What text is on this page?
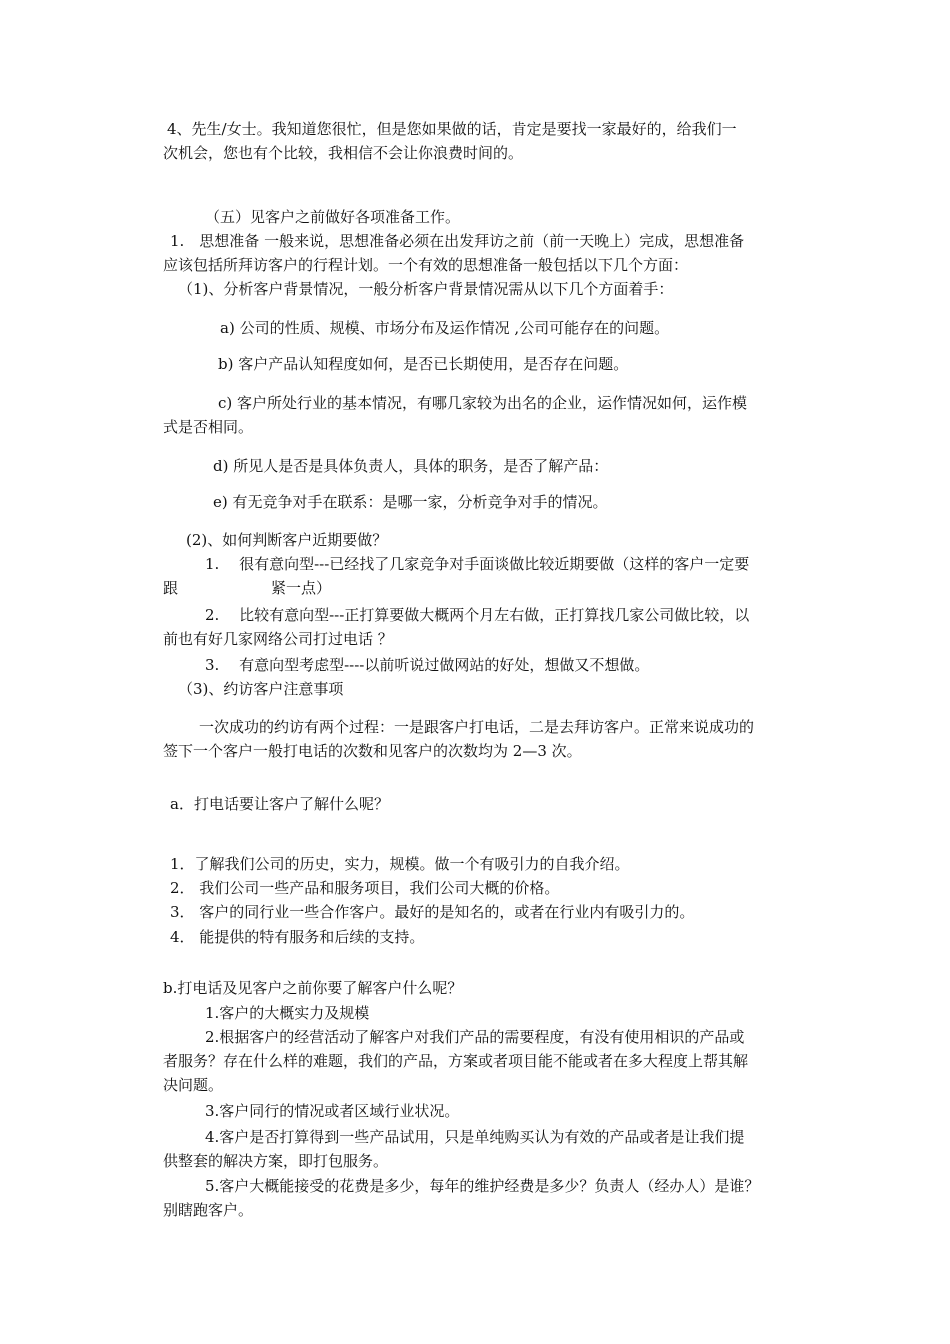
4、先生/女士。我知道您很忙，但是您如果做的话，肯定是要找一家最好的，给我们一
次机会，您也有个比较，我相信不会让你浪费时间的。
（五）见客户之前做好各项准备工作。
1.　思想准备 一般来说，思想准备必须在出发拜访之前（前一天晚上）完成，思想准备
应该包括所拜访客户的行程计划。一个有效的思想准备一般包括以下几个方面：
（1)、分析客户背景情况，一般分析客户背景情况需从以下几个方面着手：
a) 公司的性质、规模、市场分布及运作情况 ,公司可能存在的问题。
b) 客户产品认知程度如何，是否已长期使用，是否存在问题。
c) 客户所处行业的基本情况，有哪几家较为出名的企业，运作情况如何，运作模
式是否相同。
d) 所见人是否是具体负责人，具体的职务，是否了解产品：
e) 有无竞争对手在联系：是哪一家，分析竞争对手的情况。
(2)、如何判断客户近期要做？
1.　 很有意向型---已经找了几家竞争对手面谈做比较近期要做（这样的客户一定要
跟	紧一点）
2.　 比较有意向型---正打算要做大概两个月左右做，正打算找几家公司做比较，以
前也有好几家网络公司打过电话 ？
3.　 有意向型考虑型----以前听说过做网站的好处，想做又不想做。
（3)、约访客户注意事项
一次成功的约访有两个过程：一是跟客户打电话，二是去拜访客户。正常来说成功的
签下一个客户一般打电话的次数和见客户的次数均为 2—3 次。
a．打电话要让客户了解什么呢？
1．了解我们公司的历史，实力，规模。做一个有吸引力的自我介绍。
2． 我们公司一些产品和服务项目，我们公司大概的价格。
3． 客户的同行业一些合作客户。最好的是知名的，或者在行业内有吸引力的。
4． 能提供的特有服务和后续的支持。
b.打电话及见客户之前你要了解客户什么呢？
1.客户的大概实力及规模
2.根据客户的经营活动了解客户对我们产品的需要程度，有没有使用相识的产品或
者服务？存在什么样的难题，我们的产品，方案或者项目能不能或者在多大程度上帮其解
决问题。
3.客户同行的情况或者区域行业状况。
4.客户是否打算得到一些产品试用，只是单纯购买认为有效的产品或者是让我们提
供整套的解决方案，即打包服务。
5.客户大概能接受的花费是多少，每年的维护经费是多少？负责人（经办人）是谁？
别瞎跑客户。
